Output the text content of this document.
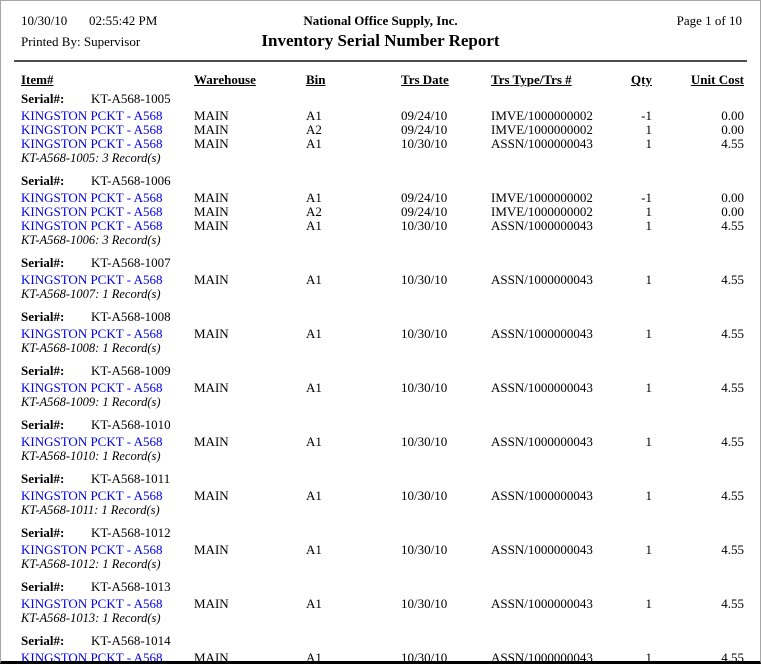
10/30/10 02:55:42 PM
Printed By: Supervisor
National Office Supply, Inc.
Inventory Serial Number Report
Page 1 of 10
Item#	Warehouse	Bin	Trs Date	Trs Type/Trs #	Qty	Unit Cost
Serial#: KT-A568-1005
KINGSTON PCKT - A568	MAIN	A1	09/24/10	IMVE/1000000002	-1	0.00
KINGSTON PCKT - A568	MAIN	A2	09/24/10	IMVE/1000000002	1	0.00
KINGSTON PCKT - A568	MAIN	A1	10/30/10	ASSN/1000000043	1	4.55
KT-A568-1005: 3 Record(s)
Serial#: KT-A568-1006
KINGSTON PCKT - A568	MAIN	A1	09/24/10	IMVE/1000000002	-1	0.00
KINGSTON PCKT - A568	MAIN	A2	09/24/10	IMVE/1000000002	1	0.00
KINGSTON PCKT - A568	MAIN	A1	10/30/10	ASSN/1000000043	1	4.55
KT-A568-1006: 3 Record(s)
Serial#: KT-A568-1007
KINGSTON PCKT - A568	MAIN	A1	10/30/10	ASSN/1000000043	1	4.55
KT-A568-1007: 1 Record(s)
Serial#: KT-A568-1008
KINGSTON PCKT - A568	MAIN	A1	10/30/10	ASSN/1000000043	1	4.55
KT-A568-1008: 1 Record(s)
Serial#: KT-A568-1009
KINGSTON PCKT - A568	MAIN	A1	10/30/10	ASSN/1000000043	1	4.55
KT-A568-1009: 1 Record(s)
Serial#: KT-A568-1010
KINGSTON PCKT - A568	MAIN	A1	10/30/10	ASSN/1000000043	1	4.55
KT-A568-1010: 1 Record(s)
Serial#: KT-A568-1011
KINGSTON PCKT - A568	MAIN	A1	10/30/10	ASSN/1000000043	1	4.55
KT-A568-1011: 1 Record(s)
Serial#: KT-A568-1012
KINGSTON PCKT - A568	MAIN	A1	10/30/10	ASSN/1000000043	1	4.55
KT-A568-1012: 1 Record(s)
Serial#: KT-A568-1013
KINGSTON PCKT - A568	MAIN	A1	10/30/10	ASSN/1000000043	1	4.55
KT-A568-1013: 1 Record(s)
Serial#: KT-A568-1014
KINGSTON PCKT - A568	MAIN	A1	10/30/10	ASSN/1000000043	1	4.55
